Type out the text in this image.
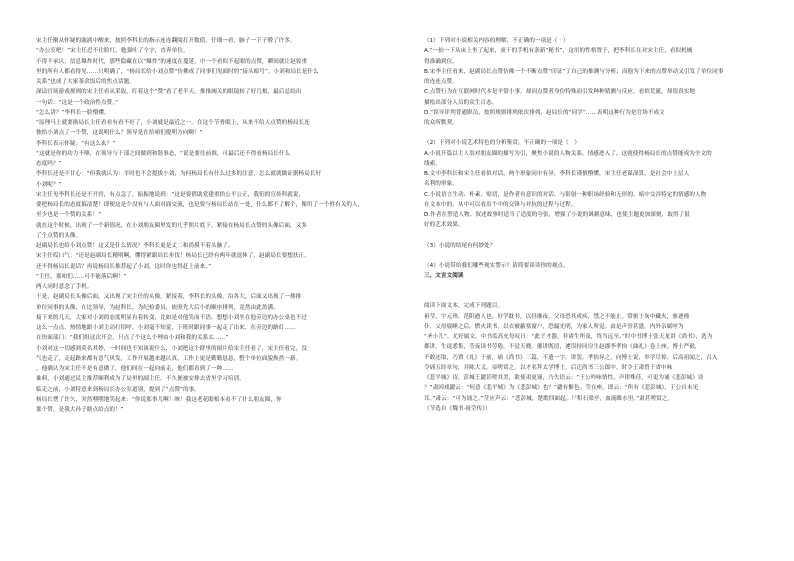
宋主任刚从怀疑的漩涡中醒来，按照李科长的指示连连翻阅打开数值，仔细一看，脑子一下子懵了许多。
“办公室吧！”宋主任忍不住脸红，勉强吐了个字，直奔单位。
不得不承认，信息爆炸时代，那些隐藏在以“爆炸”的速度在蔓延，中一个看似不起眼的点赞，瞬间就让赵妆重
里的所有人都看得见……只明确了，“杨局长给小刘点赞”仿佛成了同事们见面时的“接头暗号”。小刘和局长是什么
关系”也成了大家茶余饭后的焦点话题。
深谙官场游戏规则的宋主任看从采取，盯着这个“赞”看了老半天，推推阀关的眼镜转了好几根，最后总结出
一句话：“这是一个政治性点赞。”
“怎么讲？”李科长一脸懵懂。
“原理马上就要换局长主任看看有看不好了，小刘就是最近之一。在这个节骨眼上，从来不给人点赞的杨局长连
独给小刘点了一个赞，这说明什么？领导是在给咱们提明方向啊！”
李科长表示怀疑：“有这么玄？”
“这就是你的功力不够，在领导与干部之间做到和谐事态，“说是要往前推，可最后还不得看杨局长什么
态度吗？”
李科长还是不甘心：“但我就认为：平时也不会提拔小刘，为何杨局长有什么过多的注意，怎么就就做证据杨局长好
小刘呢？”
宋主任见李科长还是不开窍，有点急了，振振地说到：“这是要借助党建重拾公平公正，我们的宣传科就说，
要把杨局长的态度搞清楚！即便这是个没有与人面对面交流，也是要与杨局长站在一处，什么都不了解个，像用了一个姓有关的人，
至少也是一个赞的关系！”
就在这个时候，出现了一个新情况，在小刘朋友圈里发的几乎照片底下，紧接在杨局长点赞的头像后面，又多
了个点赞的头像。
赵副局长也给小刘点赞！这又是什么情况？李科长更是丈二和尚摸不着头脑了。
宋主任哎口气：“还是赵副局长精明啊，懂得紧跟局长步伐！杨局长已经有两年就退休了，赵副局长要想扶正，
还不得杨局长说话？再说杨局长推荐起了小刘，这时你也得赶上前来。”
“主任，那咱们……可不能落后啊！”
两人同时意念了手机。
于是，赵副局长头像后面，又出现了宋主任的头像，紧接着，李科长的头像。沿各大，后面又出现了一排排
单位同事的头像，在比领导，为赵科长，为纪检委员，依照先大后小的顺序排列，竟然由此盈满。
接下来的几天，大家对小刘的态度明显有着转变，比如是对他笑而不语，想想小刘坐在他旁边的办公桌也不过
这么一点点，热情地跟小刘主动打招呼。小刘毫不知觉，下班时跟同事一起走了出来，在旁边的路灯……
在快面部门：“我们组这次开会，只点了个这么个理由小刘和我的关系太……”
小刘对这一切感到莫名其妙，一时间也不知该说什么，小刘把这个群里的图片给宋主任看了，宋主任看完，没
气也走了，走起路来都有意气风发，工作开展越来越认真，工作上更是勤勤恳恳，整个单位面貌焕然一新。
，他确认为宋主任不是有意做了，他们间在一起向前走，他们都看到了一种……
谁料，小刘通过民主推荐顺利成为了局里的副主任，不久便被安排去省里学习培训。
临走之前，小刘特意来到杨局长办公室道别，提到了“点赞”的事。
杨局长愣了许久，突然嘿嘿地笑起来：“你说那事儿啊！咳！我这老花眼根本看不了什么朋友圈，你
那个赞，是我大孙子瞎点给点的！”
（1）下列对小说相关内容的理解，不正确的一项是（　）
A.“一抬一下从床上坐了起来，童干的手机有条新“秘书”，这用的性格置于，把李科长在对宋主任，看似机械
得准确到位。
B.宋李主任看来，赵副局长点赞仿佛一个不断点赞“印证”了自己的推测与分析；而他为下来的点赞举动又引发了单位同事
的连连点赞。
C.点赞行为在互联网时代本是平常小事，却因点赞者身份特殊而引发种种猜测与反应，看似荒诞，却很真实地
描绘出部分人员的众生百态。
D.“误导评判普通职员，按照规则排列依次排列，赵局长的“同学”……表明这种行为是官场不成文
的众所默契。
（2）下列对小说艺术特色的分析鉴赏，不正确的一项是（　）
A.小说开篇以主人翁对朋友圈的描写为引，聚焦小说的人物关系、情感进入了，这就使得杨局长的点赞能成为全文的
线索。
B.文中李科长和宋主任看似对话，两个形象同中有异，李科长谨慎懵懂，宋主任老谋深算，是社会中上层人
名利的形象。
C.小说语言生动、朴素、贴切，是作者有意识的对话、与影射一种职场经验和无形的、暗中交涉特定的情感的人物
在文本中的，从中可以看出个中的交锋与对抗的过程与过程。
D.作者在塑造人物、叙述故事时适当了适度的夸张，增强了小说的讽刺意味，也使主题更加深刻，取得了很
好的艺术效果。
（3）小说的结尾有何妙处？
（4）小说带给我们哪些现实警示？请简要谈谈你的观点。
三、文言文阅读
阅读下面文本，完成下列题目。
祖莹，字元珍，范阳遒人也。好学耽书，以昼继夜，父母恐其成疾，禁之不能止。常密于灰中藏火，驱逐僮
仆，父母寝睡之后，燃火读书，以衣被蔽塞窗户，恐漏光明，为家人所觉。由是声誉甚盛，内外亲属呼为
“圣小儿”。尤好属文，中书监高允每叹曰：“此子才器，非诸生所及，终当远至。”时中书博士张天龙讲《尚书》，选为
都讲。生徒悉集，莹夜读书劳倦，不觉天晓。催讲既切，遽误持同房生赵郡李孝怡《曲礼》卷上座。博士严毅，
不敢还取，乃置《礼》于前，诵《尚书》三篇，不遗一字。讲罢，孝怡异之，向博士说，举学尽惊。后高祖闻之，召入
令诵五经章句，并陈大义。帝嗟赏之。以才名拜太学博士。后迁尚书三公郎中。时令王肃曾于省中咏
《悲平城》诗，彭城王勰甚嗟其美，欲使肃更诵，乃失语云：“王公吟咏情性，声律殊佳，可更为诵《悲彭城》诗
？”肃因戏勰云：“何意《悲平城》为《悲彭城》也？”勰有惭色。莹在座，即云：“所有《悲彭城》，王公自未见
耳。”肃云：“可为诵之。”莹应声云：“悲彭城，楚歌四面起。尸积石梁亭，血流睢水里。”肃甚嗟赏之。
（节选自《魏书·祖莹传》）
